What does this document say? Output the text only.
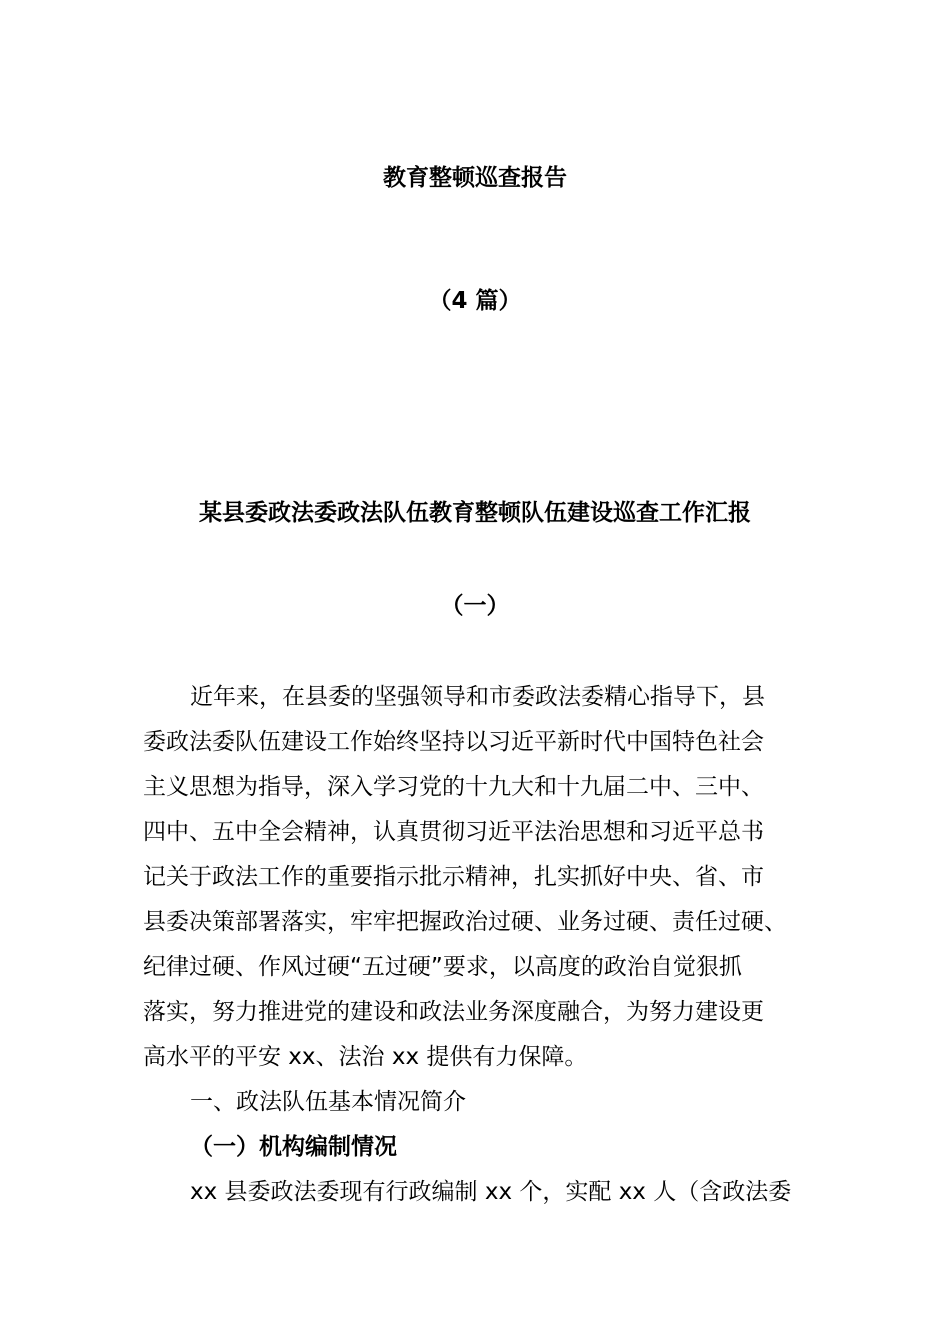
教育整顿巡查报告
（4 篇）
某县委政法委政法队伍教育整顿队伍建设巡查工作汇报
（一）
近年来，在县委的坚强领导和市委政法委精心指导下，县
委政法委队伍建设工作始终坚持以习近平新时代中国特色社会
主义思想为指导，深入学习党的十九大和十九届二中、三中、
四中、五中全会精神，认真贯彻习近平法治思想和习近平总书
记关于政法工作的重要指示批示精神，扎实抓好中央、省、市
县委决策部署落实，牢牢把握政治过硬、业务过硬、责任过硬、
纪律过硬、作风过硬“五过硬”要求，以高度的政治自觉狠抓
落实，努力推进党的建设和政法业务深度融合，为努力建设更
高水平的平安 xx、法治 xx 提供有力保障。
一、政法队伍基本情况简介
（一）机构编制情况
xx 县委政法委现有行政编制 xx 个，实配 xx 人（含政法委
